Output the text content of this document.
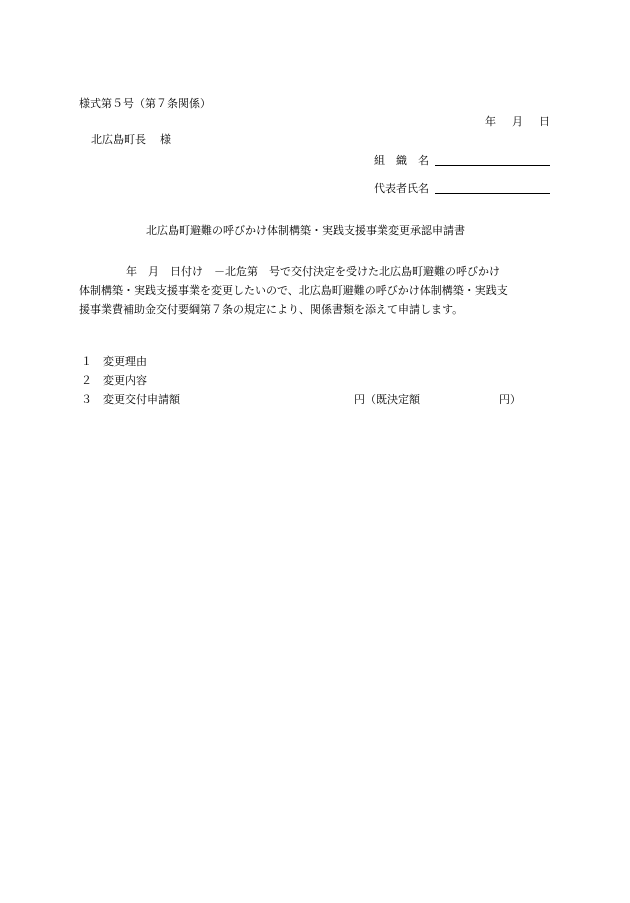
様式第５号（第７条関係）
年 月 日
北広島町長 様
組　織　名
代表者氏名
北広島町避難の呼びかけ体制構築・実践支援事業変更承認申請書

年　月　日付け　－北危第　号で交付決定を受けた北広島町避難の呼びかけ

体制構築・実践支援事業を変更したいので、北広島町避難の呼びかけ体制構築・実践支

援事業費補助金交付要綱第７条の規定により、関係書類を添えて申請します。

１ 変更理由
２ 変更内容
３ 変更交付申請額	円（既決定額	円）
